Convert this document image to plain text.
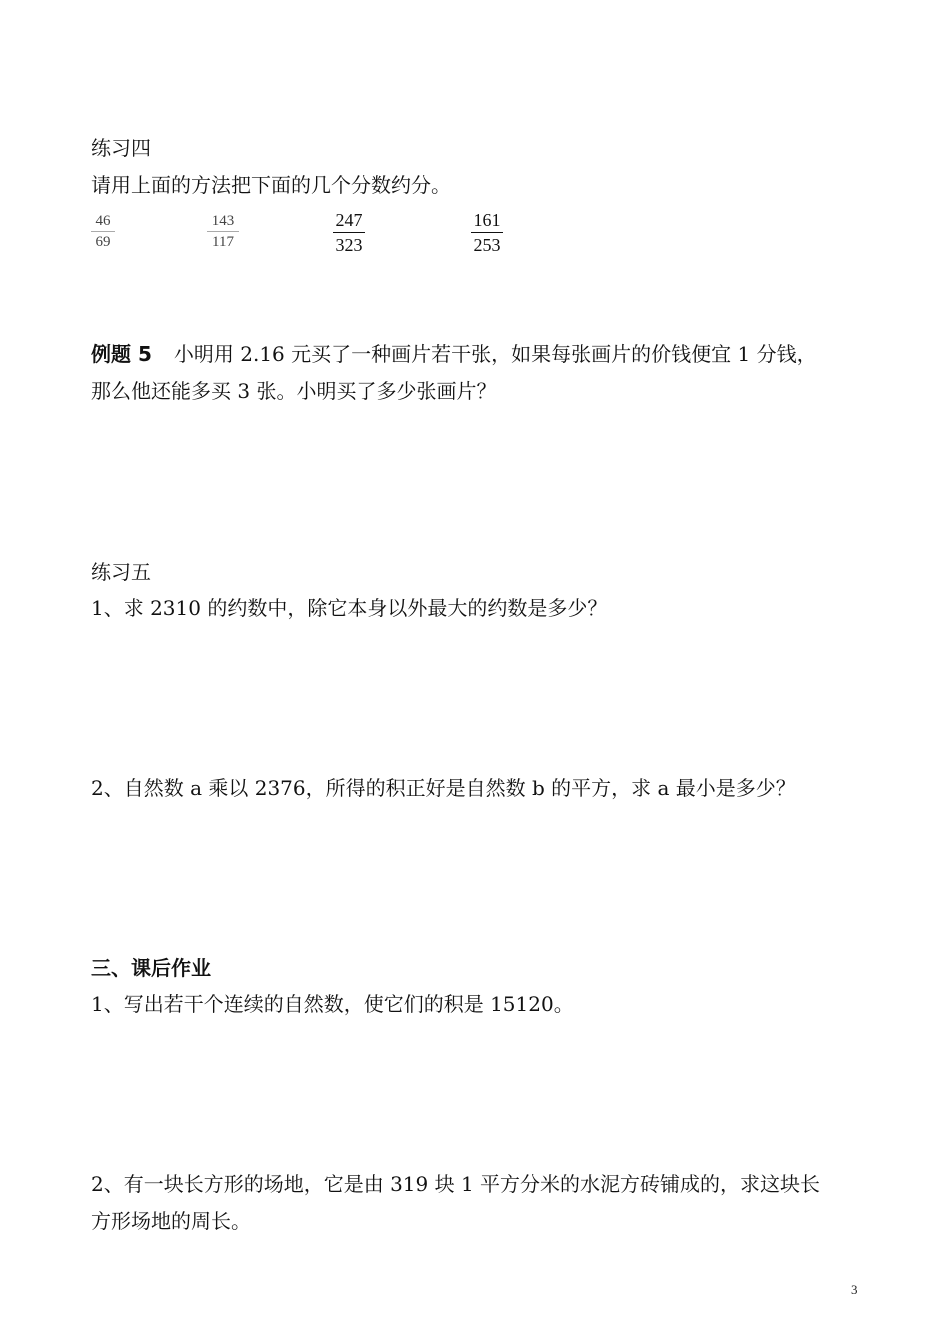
练习四
请用上面的方法把下面的几个分数约分。
46
69
143
117
247
323
161
253
例题 5 小明用 2.16 元买了一种画片若干张，如果每张画片的价钱便宜 1 分钱，
那么他还能多买 3 张。小明买了多少张画片？
练习五
1、求 2310 的约数中，除它本身以外最大的约数是多少？
2、自然数 a 乘以 2376，所得的积正好是自然数 b 的平方，求 a 最小是多少？
三、课后作业
1、写出若干个连续的自然数，使它们的积是 15120。
2、有一块长方形的场地，它是由 319 块 1 平方分米的水泥方砖铺成的，求这块长
方形场地的周长。
3
